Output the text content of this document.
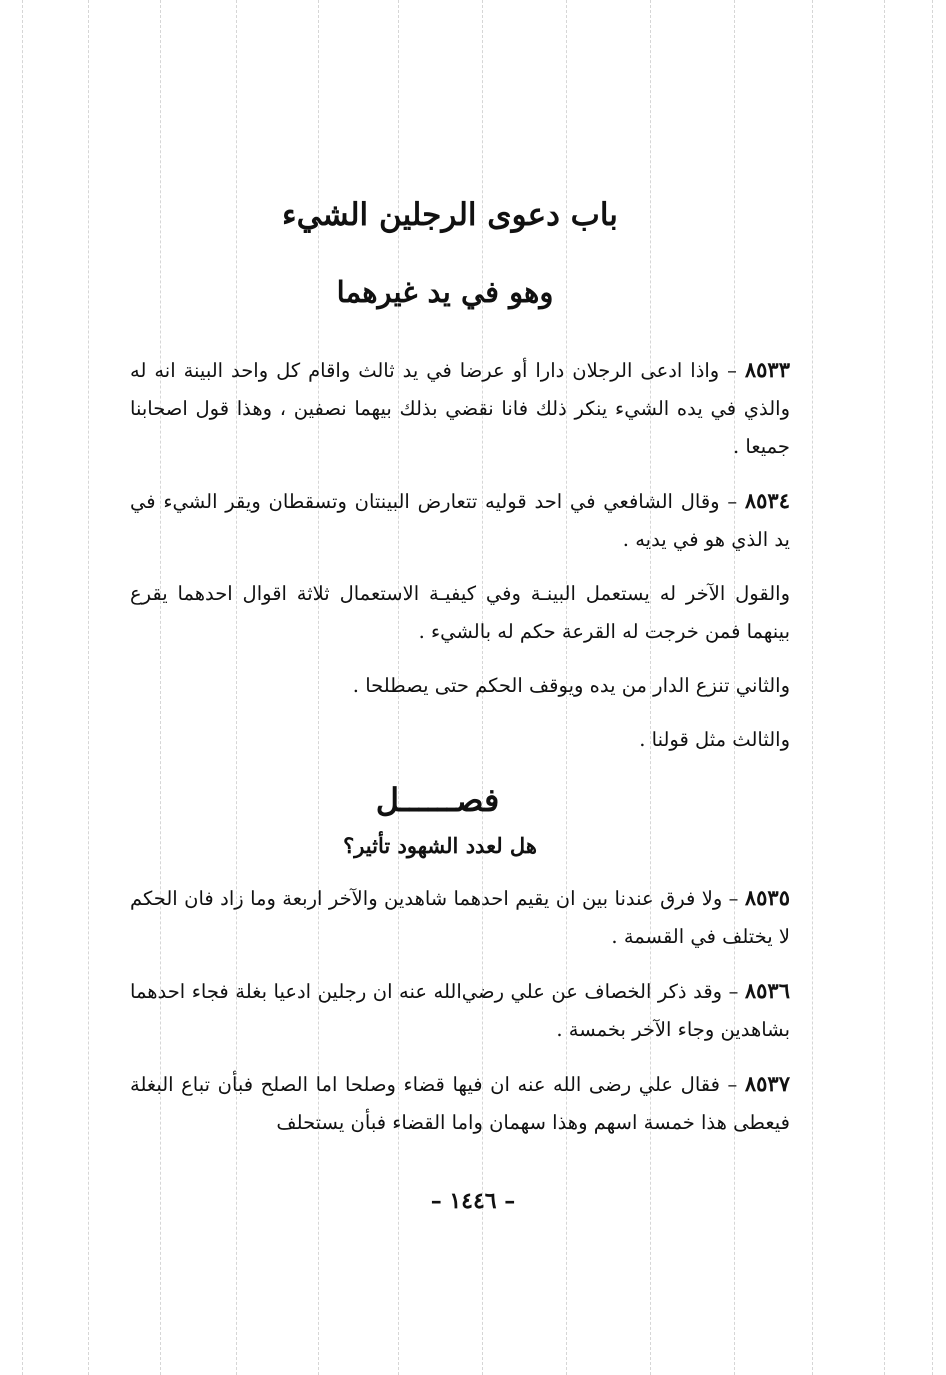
باب دعوى الرجلين الشيء
وهو في يد غيرهما

٨٥٣٣ – واذا ادعى الرجلان دارا أو عرضا في يد ثالث واقام كل واحد البينة انه له والذي في يده الشيء ينكر ذلك فانا نقضي بذلك بيهما نصفين ، وهذا قول اصحابنا جميعا .

٨٥٣٤ – وقال الشافعي في احد قوليه تتعارض البينتان وتسقطان ويقر الشيء في يد الذي هو في يديه .

والقول الآخر له يستعمل البينـة وفي كيفيـة الاستعمال ثلاثة اقوال احدهما يقرع بينهما فمن خرجت له القرعة حكم له بالشيء .

والثاني تنزع الدار من يده ويوقف الحكم حتى يصطلحا .

والثالث مثل قولنا .

فصــــــل
هل لعدد الشهود تأثير؟

٨٥٣٥ – ولا فرق عندنا بين ان يقيم احدهما شاهدين والآخر اربعة وما زاد فان الحكم لا يختلف في القسمة .

٨٥٣٦ – وقد ذكر الخصاف عن علي رضي‌الله عنه ان رجلين ادعيا بغلة فجاء احدهما بشاهدين وجاء الآخر بخمسة .

٨٥٣٧ – فقال علي رضى الله عنه ان فيها قضاء وصلحا اما الصلح فبأن تباع البغلة فيعطى هذا خمسة اسهم وهذا سهمان واما القضاء فبأن يستحلف

– ١٤٤٦ –
